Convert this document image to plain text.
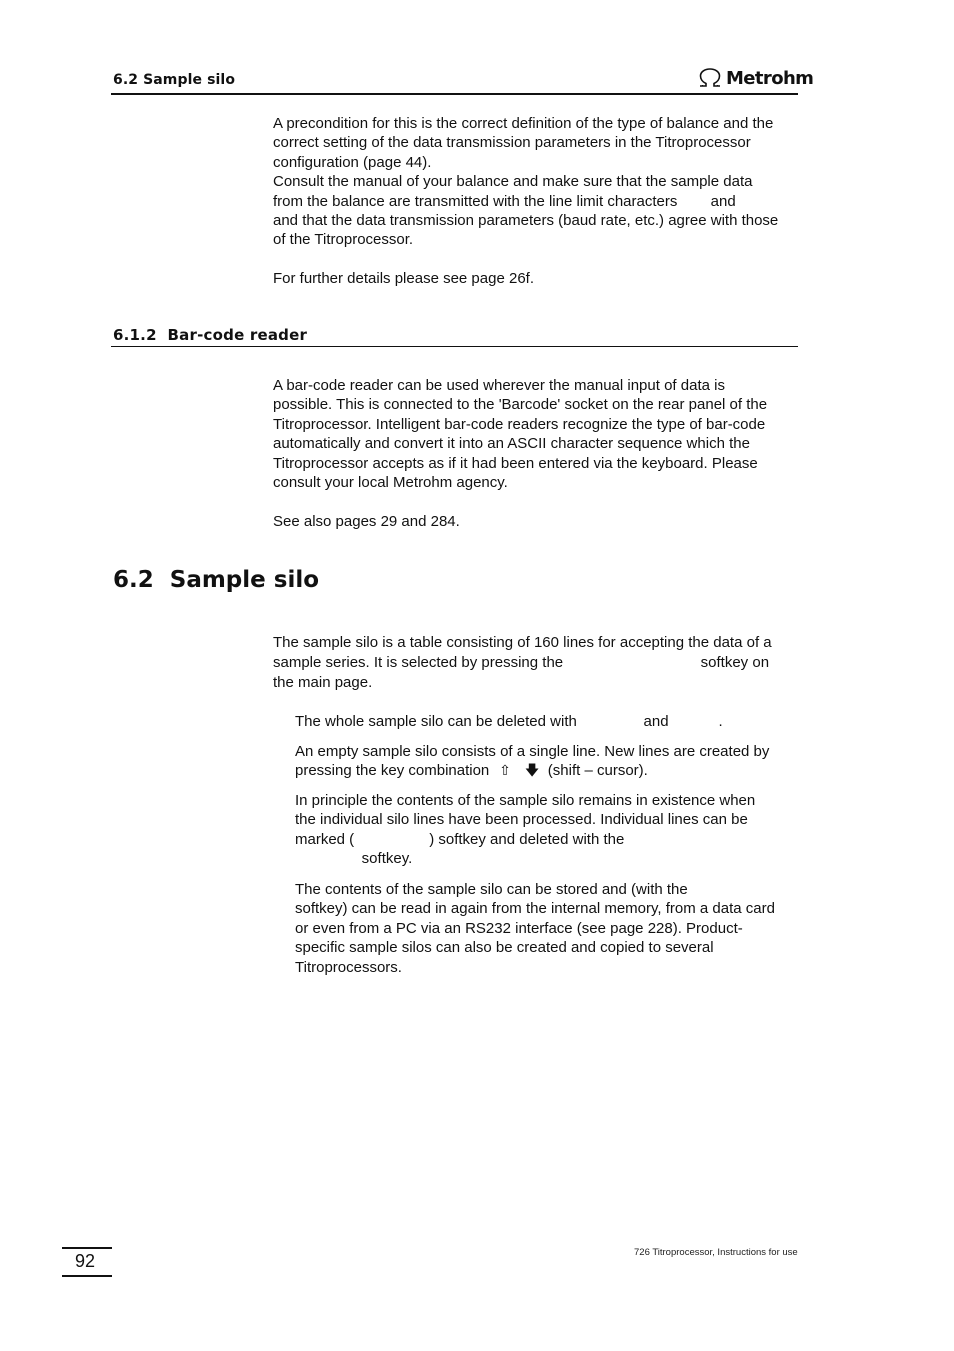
6.2 Sample silo	Metrohm

A precondition for this is the correct definition of the type of balance and the

correct setting of the data transmission parameters in the Titroprocessor

configuration (page 44).

Consult the manual of your balance and make sure that the sample data

from the balance are transmitted with the line limit characters        and

and that the data transmission parameters (baud rate, etc.) agree with those

of the Titroprocessor.

For further details please see page 26f.

6.1.2  Bar-code reader

A bar-code reader can be used wherever the manual input of data is

possible. This is connected to the 'Barcode' socket on the rear panel of the

Titroprocessor. Intelligent bar-code readers recognize the type of bar-code

automatically and convert it into an ASCII character sequence which the

Titroprocessor accepts as if it had been entered via the keyboard. Please

consult your local Metrohm agency.

See also pages 29 and 284.

6.2  Sample silo

The sample silo is a table consisting of 160 lines for accepting the data of a

sample series. It is selected by pressing the                                 softkey on

the main page.

The whole sample silo can be deleted with                and            .

An empty sample silo consists of a single line. New lines are created by

pressing the key combination ⇧ 🡇 (shift – cursor).

In principle the contents of the sample silo remains in existence when

the individual silo lines have been processed. Individual lines can be

marked (                  ) softkey and deleted with the

softkey.

The contents of the sample silo can be stored and (with the

softkey) can be read in again from the internal memory, from a data card

or even from a PC via an RS232 interface (see page 228). Product-

specific sample silos can also be created and copied to several

Titroprocessors.

92	726 Titroprocessor, Instructions for use
